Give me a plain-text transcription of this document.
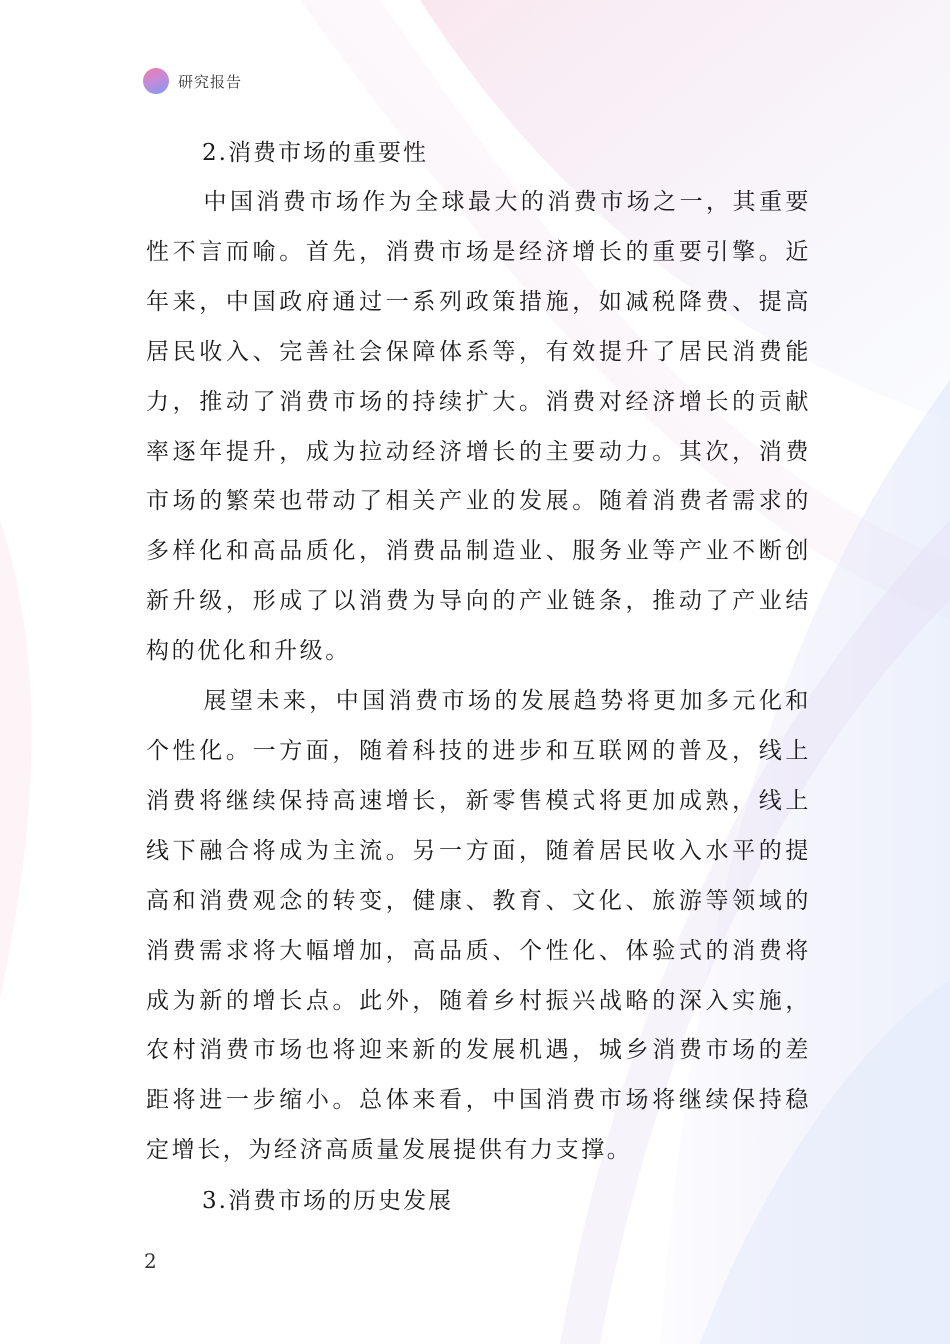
研究报告
2.消费市场的重要性

中国消费市场作为全球最大的消费市场之一，其重要性不言而喻。首先，消费市场是经济增长的重要引擎。近年来，中国政府通过一系列政策措施，如减税降费、提高居民收入、完善社会保障体系等，有效提升了居民消费能力，推动了消费市场的持续扩大。消费对经济增长的贡献率逐年提升，成为拉动经济增长的主要动力。其次，消费市场的繁荣也带动了相关产业的发展。随着消费者需求的多样化和高品质化，消费品制造业、服务业等产业不断创新升级，形成了以消费为导向的产业链条，推动了产业结构的优化和升级。

展望未来，中国消费市场的发展趋势将更加多元化和个性化。一方面，随着科技的进步和互联网的普及，线上消费将继续保持高速增长，新零售模式将更加成熟，线上线下融合将成为主流。另一方面，随着居民收入水平的提高和消费观念的转变，健康、教育、文化、旅游等领域的消费需求将大幅增加，高品质、个性化、体验式的消费将成为新的增长点。此外，随着乡村振兴战略的深入实施，农村消费市场也将迎来新的发展机遇，城乡消费市场的差距将进一步缩小。总体来看，中国消费市场将继续保持稳定增长，为经济高质量发展提供有力支撑。

3.消费市场的历史发展
2
